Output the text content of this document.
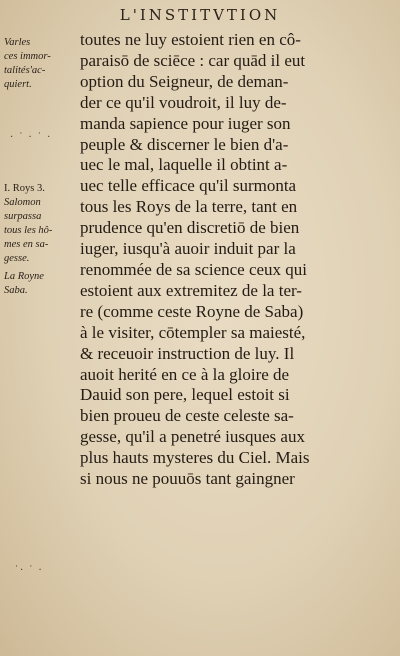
L'INSTITVTION
Varles
ces immor-
talités'ac-
quiert.
I. Roys 3.
Salomon
surpassa
tous les hô-
mes en sa-
gesse.
La Royne
Saba.
toutes ne luy estoient rien en cô-
paraisō de sciēce : car quād il eut
option du Seigneur, de deman-
der ce qu'il voudroit, il luy de-
manda sapience pour iuger son
peuple & discerner le bien d'a-
uec le mal, laquelle il obtint a-
uec telle efficace qu'il surmonta
tous les Roys de la terre, tant en
prudence qu'en discretiō de bien
iuger, iusqu'à auoir induit par la
renommée de sa science ceux qui
estoient aux extremitez de la ter-
re (comme ceste Royne de Saba)
à le visiter, cōtempler sa maiesté,
& receuoir instruction de luy. Il
auoit herité en ce à la gloire de
Dauid son pere, lequel estoit si
bien proueu de ceste celeste sa-
gesse, qu'il a penetré iusques aux
plus hauts mysteres du Ciel. Mais
si nous ne pouuōs tant gaingner
· ˙ · ˙ ·
˙· ˙ ·
